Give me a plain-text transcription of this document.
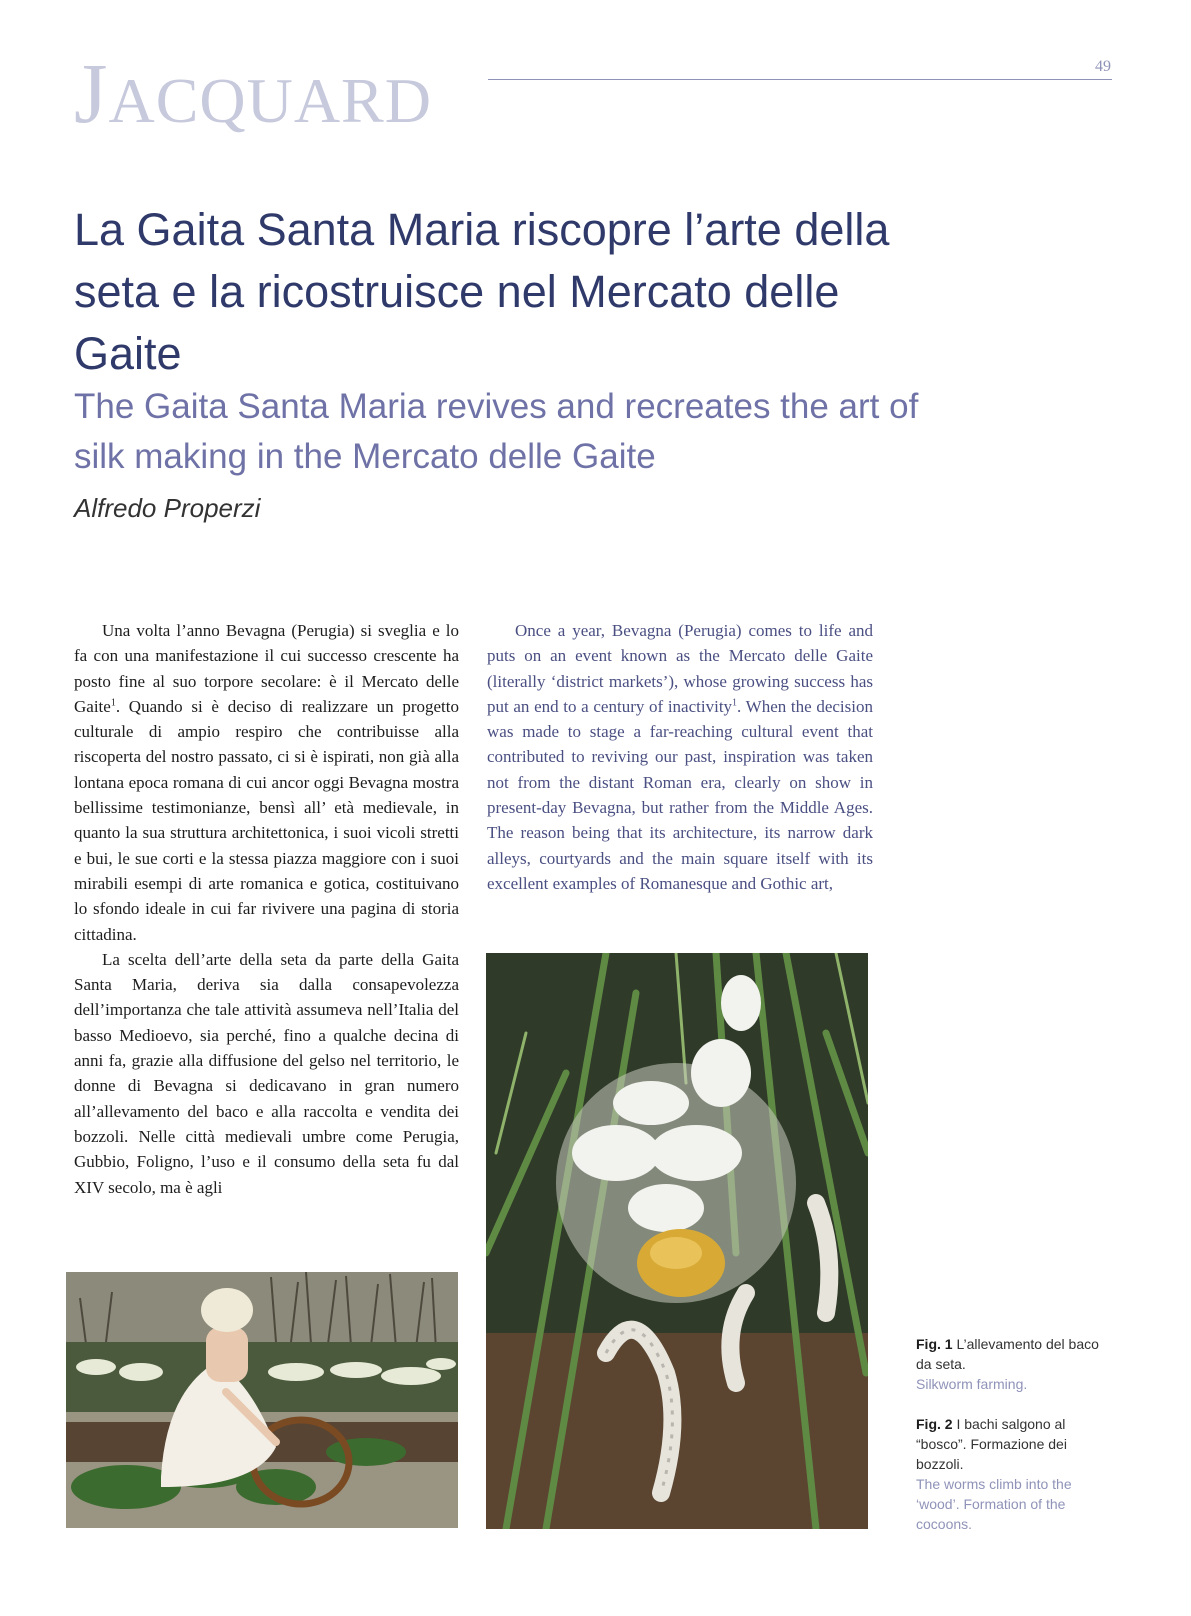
JACQUARD	49
La Gaita Santa Maria riscopre l’arte della seta e la ricostruisce nel Mercato delle Gaite
The Gaita Santa Maria revives and recreates the art of silk making in the Mercato delle Gaite
Alfredo Properzi

Una volta l’anno Bevagna (Perugia) si sveglia e lo fa con una manifestazione il cui successo crescente ha posto fine al suo torpore secolare: è il Mercato delle Gaite$^1$. Quando si è deciso di realizzare un progetto culturale di ampio respiro che contribuisse alla riscoperta del nostro passato, ci si è ispirati, non già alla lontana epoca romana di cui ancor oggi Bevagna mostra bellissime testimonianze, bensì all’ età medievale, in quanto la sua struttura architettonica, i suoi vicoli stretti e bui, le sue corti e la stessa piazza maggiore con i suoi mirabili esempi di arte romanica e gotica, costituivano lo sfondo ideale in cui far rivivere una pagina di storia cittadina.

La scelta dell’arte della seta da parte della Gaita Santa Maria, deriva sia dalla consapevolezza dell’importanza che tale attività assumeva nell’Italia del basso Medioevo, sia perché, fino a qualche decina di anni fa, grazie alla diffusione del gelso nel territorio, le donne di Bevagna si dedicavano in gran numero all’allevamento del baco e alla raccolta e vendita dei bozzoli. Nelle città medievali umbre come Perugia, Gubbio, Foligno, l’uso e il consumo della seta fu dal XIV secolo, ma è agli

Once a year, Bevagna (Perugia) comes to life and puts on an event known as the Mercato delle Gaite (literally ‘district markets’), whose growing success has put an end to a century of inactivity$^1$. When the decision was made to stage a far-reaching cultural event that contributed to reviving our past, inspiration was taken not from the distant Roman era, clearly on show in present-day Bevagna, but rather from the Middle Ages. The reason being that its architecture, its narrow dark alleys, courtyards and the main square itself with its excellent examples of Romanesque and Gothic art,

Fig. 1 L’allevamento del baco da seta.
Silkworm farming.
Fig. 2 I bachi salgono al “bosco”. Formazione dei bozzoli.
The worms climb into the ‘wood’. Formation of the cocoons.
